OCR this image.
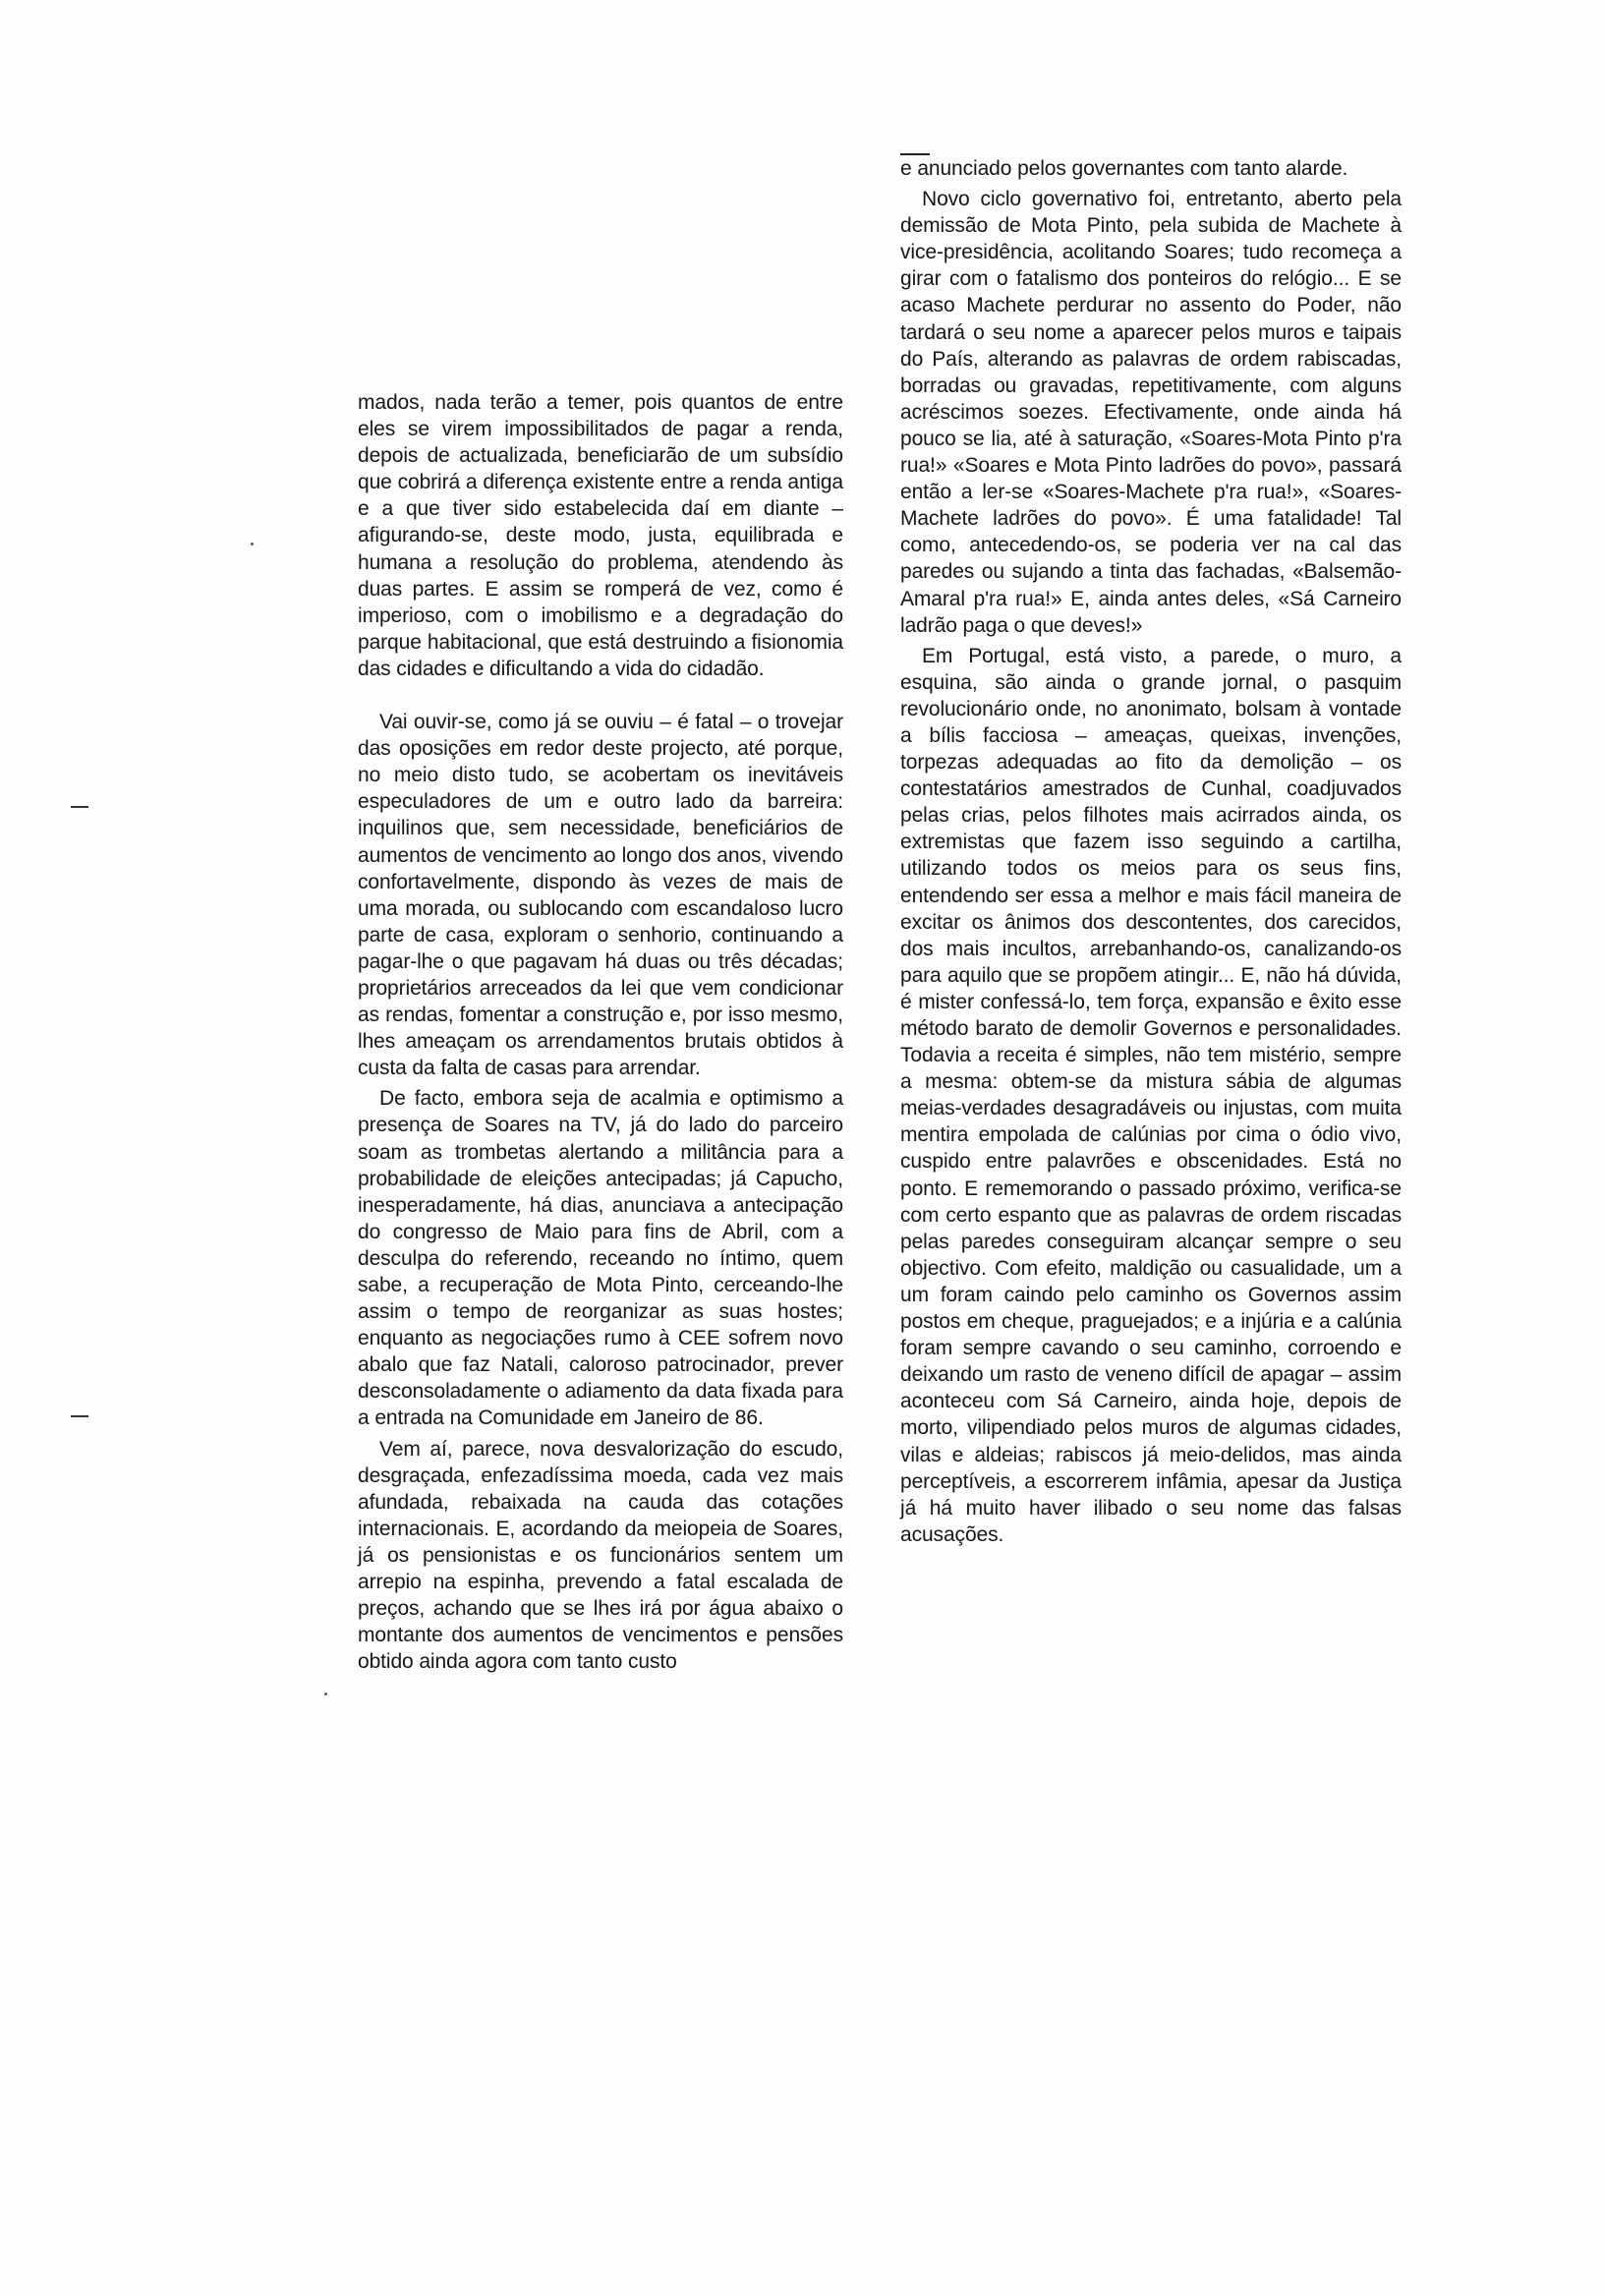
mados, nada terão a temer, pois quantos de entre eles se virem impossibilitados de pagar a renda, depois de actualizada, beneficiarão de um subsídio que cobrirá a diferença existente entre a renda antiga e a que tiver sido estabelecida daí em diante – afigurando-se, deste modo, justa, equilibrada e humana a resolução do problema, atendendo às duas partes. E assim se romperá de vez, como é imperioso, com o imobilismo e a degradação do parque habitacional, que está destruindo a fisionomia das cidades e dificultando a vida do cidadão.

Vai ouvir-se, como já se ouviu – é fatal – o trovejar das oposições em redor deste projecto, até porque, no meio disto tudo, se acobertam os inevitáveis especuladores de um e outro lado da barreira: inquilinos que, sem necessidade, beneficiários de aumentos de vencimento ao longo dos anos, vivendo confortavelmente, dispondo às vezes de mais de uma morada, ou sublocando com escandaloso lucro parte de casa, exploram o senhorio, continuando a pagar-lhe o que pagavam há duas ou três décadas; proprietários arreceados da lei que vem condicionar as rendas, fomentar a construção e, por isso mesmo, lhes ameaçam os arrendamentos brutais obtidos à custa da falta de casas para arrendar.

De facto, embora seja de acalmia e optimismo a presença de Soares na TV, já do lado do parceiro soam as trombetas alertando a militância para a probabilidade de eleições antecipadas; já Capucho, inesperadamente, há dias, anunciava a antecipação do congresso de Maio para fins de Abril, com a desculpa do referendo, receando no íntimo, quem sabe, a recuperação de Mota Pinto, cerceando-lhe assim o tempo de reorganizar as suas hostes; enquanto as negociações rumo à CEE sofrem novo abalo que faz Natali, caloroso patrocinador, prever desconsoladamente o adiamento da data fixada para a entrada na Comunidade em Janeiro de 86.

Vem aí, parece, nova desvalorização do escudo, desgraçada, enfezadíssima moeda, cada vez mais afundada, rebaixada na cauda das cotações internacionais. E, acordando da meiopeia de Soares, já os pensionistas e os funcionários sentem um arrepio na espinha, prevendo a fatal escalada de preços, achando que se lhes irá por água abaixo o montante dos aumentos de vencimentos e pensões obtido ainda agora com tanto custo

e anunciado pelos governantes com tanto alarde.

Novo ciclo governativo foi, entretanto, aberto pela demissão de Mota Pinto, pela subida de Machete à vice-presidência, acolitando Soares; tudo recomeça a girar com o fatalismo dos ponteiros do relógio... E se acaso Machete perdurar no assento do Poder, não tardará o seu nome a aparecer pelos muros e taipais do País, alterando as palavras de ordem rabiscadas, borradas ou gravadas, repetitivamente, com alguns acréscimos soezes. Efectivamente, onde ainda há pouco se lia, até à saturação, «Soares-Mota Pinto p'ra rua!» «Soares e Mota Pinto ladrões do povo», passará então a ler-se «Soares-Machete p'ra rua!», «Soares-Machete ladrões do povo». É uma fatalidade! Tal como, antecedendo-os, se poderia ver na cal das paredes ou sujando a tinta das fachadas, «Balsemão-Amaral p'ra rua!» E, ainda antes deles, «Sá Carneiro ladrão paga o que deves!»

Em Portugal, está visto, a parede, o muro, a esquina, são ainda o grande jornal, o pasquim revolucionário onde, no anonimato, bolsam à vontade a bílis facciosa – ameaças, queixas, invenções, torpezas adequadas ao fito da demolição – os contestatários amestrados de Cunhal, coadjuvados pelas crias, pelos filhotes mais acirrados ainda, os extremistas que fazem isso seguindo a cartilha, utilizando todos os meios para os seus fins, entendendo ser essa a melhor e mais fácil maneira de excitar os ânimos dos descontentes, dos carecidos, dos mais incultos, arrebanhando-os, canalizando-os para aquilo que se propõem atingir... E, não há dúvida, é mister confessá-lo, tem força, expansão e êxito esse método barato de demolir Governos e personalidades. Todavia a receita é simples, não tem mistério, sempre a mesma: obtem-se da mistura sábia de algumas meias-verdades desagradáveis ou injustas, com muita mentira empolada de calúnias por cima o ódio vivo, cuspido entre palavrões e obscenidades. Está no ponto. E rememorando o passado próximo, verifica-se com certo espanto que as palavras de ordem riscadas pelas paredes conseguiram alcançar sempre o seu objectivo. Com efeito, maldição ou casualidade, um a um foram caindo pelo caminho os Governos assim postos em cheque, praguejados; e a injúria e a calúnia foram sempre cavando o seu caminho, corroendo e deixando um rasto de veneno difícil de apagar – assim aconteceu com Sá Carneiro, ainda hoje, depois de morto, vilipendiado pelos muros de algumas cidades, vilas e aldeias; rabiscos já meio-delidos, mas ainda perceptíveis, a escorrerem infâmia, apesar da Justiça já há muito haver ilibado o seu nome das falsas acusações.
